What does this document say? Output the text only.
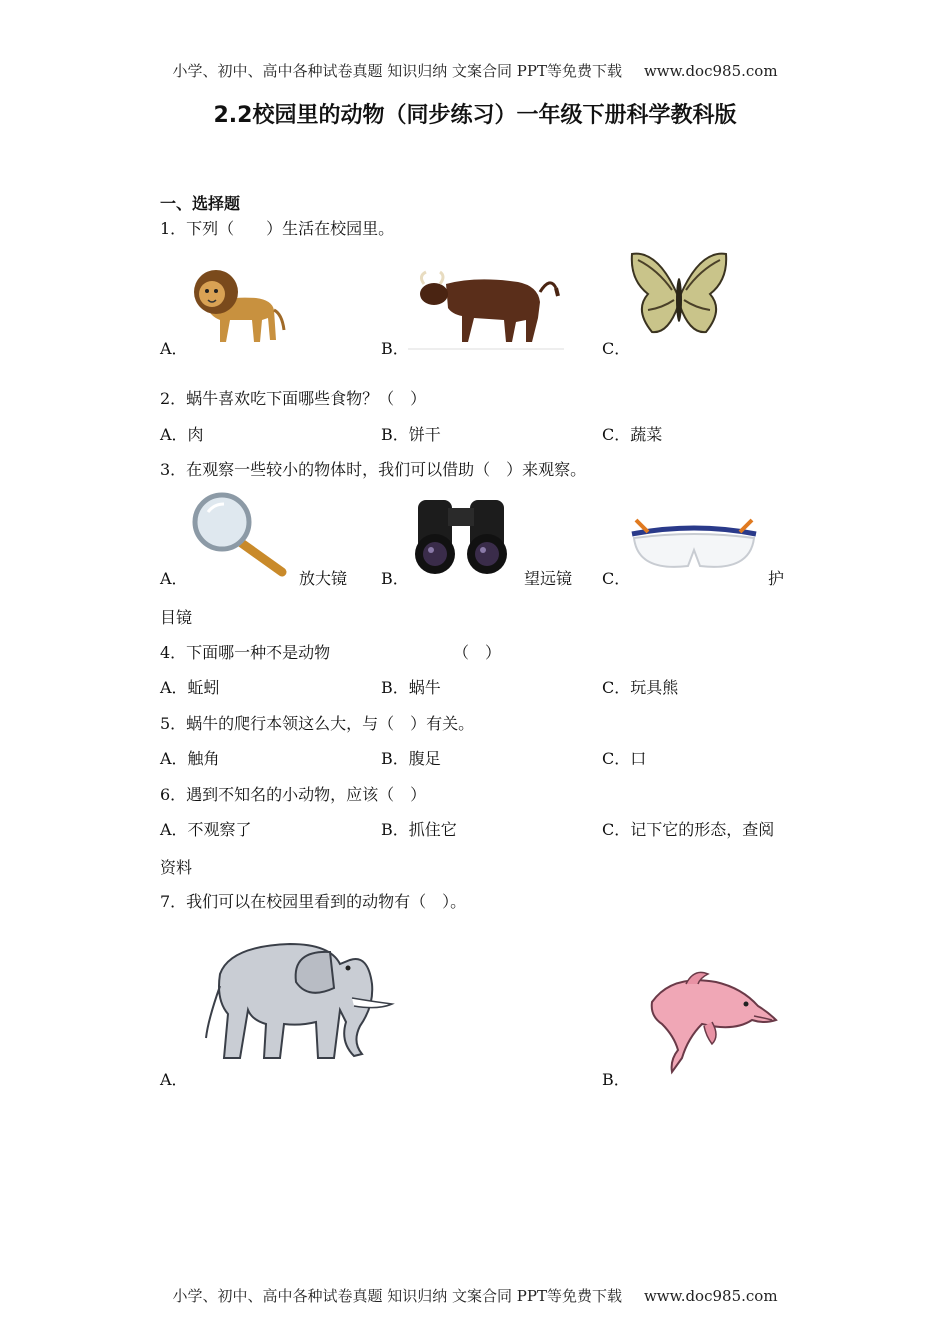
小学、初中、高中各种试卷真题 知识归纳 文案合同 PPT等免费下载 www.doc985.com
2.2校园里的动物（同步练习）一年级下册科学教科版
一、选择题
1．下列（　　）生活在校园里。
A．	B．	C．
2．蜗牛喜欢吃下面哪些食物？（　）
A．肉	B．饼干	C．蔬菜
3．在观察一些较小的物体时，我们可以借助（　）来观察。
A．	放大镜 B．	望远镜 C．	护
目镜
4．下面哪一种不是动物	（　）
A．蚯蚓	B．蜗牛	C．玩具熊
5．蜗牛的爬行本领这么大，与（　）有关。
A．触角	B．腹足	C．口
6．遇到不知名的小动物，应该（　）
A．不观察了	B．抓住它	C．记下它的形态，查阅
资料
7．我们可以在校园里看到的动物有（　）。
A．	B．
小学、初中、高中各种试卷真题 知识归纳 文案合同 PPT等免费下载 www.doc985.com
